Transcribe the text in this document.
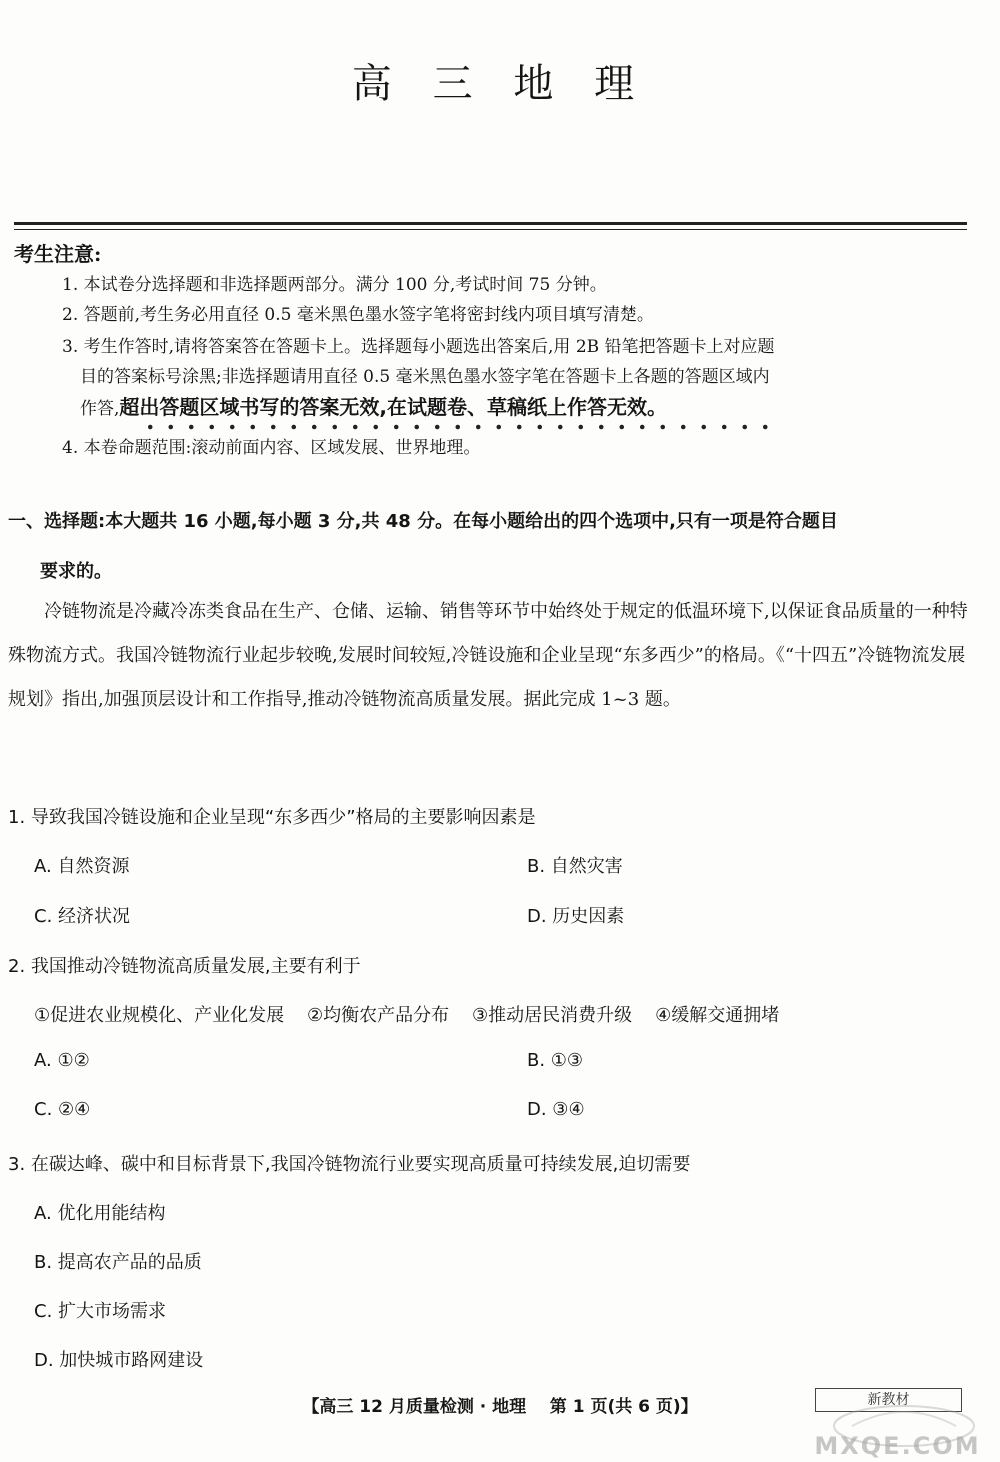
高 三 地 理
考生注意:
1. 本试卷分选择题和非选择题两部分。满分 100 分,考试时间 75 分钟。
2. 答题前,考生务必用直径 0.5 毫米黑色墨水签字笔将密封线内项目填写清楚。
3. 考生作答时,请将答案答在答题卡上。选择题每小题选出答案后,用 2B 铅笔把答题卡上对应题
目的答案标号涂黑;非选择题请用直径 0.5 毫米黑色墨水签字笔在答题卡上各题的答题区域内
作答,超出答题区域书写的答案无效,在试题卷、草稿纸上作答无效。
4. 本卷命题范围:滚动前面内容、区域发展、世界地理。
一、选择题:本大题共 16 小题,每小题 3 分,共 48 分。在每小题给出的四个选项中,只有一项是符合题目
要求的。
冷链物流是冷藏冷冻类食品在生产、仓储、运输、销售等环节中始终处于规定的低温环境下,以保证食品质量的一种特殊物流方式。我国冷链物流行业起步较晚,发展时间较短,冷链设施和企业呈现“东多西少”的格局。《“十四五”冷链物流发展规划》指出,加强顶层设计和工作指导,推动冷链物流高质量发展。据此完成 1~3 题。
1. 导致我国冷链设施和企业呈现“东多西少”格局的主要影响因素是
A. 自然资源	B. 自然灾害
C. 经济状况	D. 历史因素
2. 我国推动冷链物流高质量发展,主要有利于
①促进农业规模化、产业化发展    ②均衡农产品分布    ③推动居民消费升级    ④缓解交通拥堵
A. ①②	B. ①③
C. ②④	D. ③④
3. 在碳达峰、碳中和目标背景下,我国冷链物流行业要实现高质量可持续发展,迫切需要
A. 优化用能结构
B. 提高农产品的品质
C. 扩大市场需求
D. 加快城市路网建设
【高三 12 月质量检测 · 地理    第 1 页(共 6 页)】	新教材
MXQE.COM
